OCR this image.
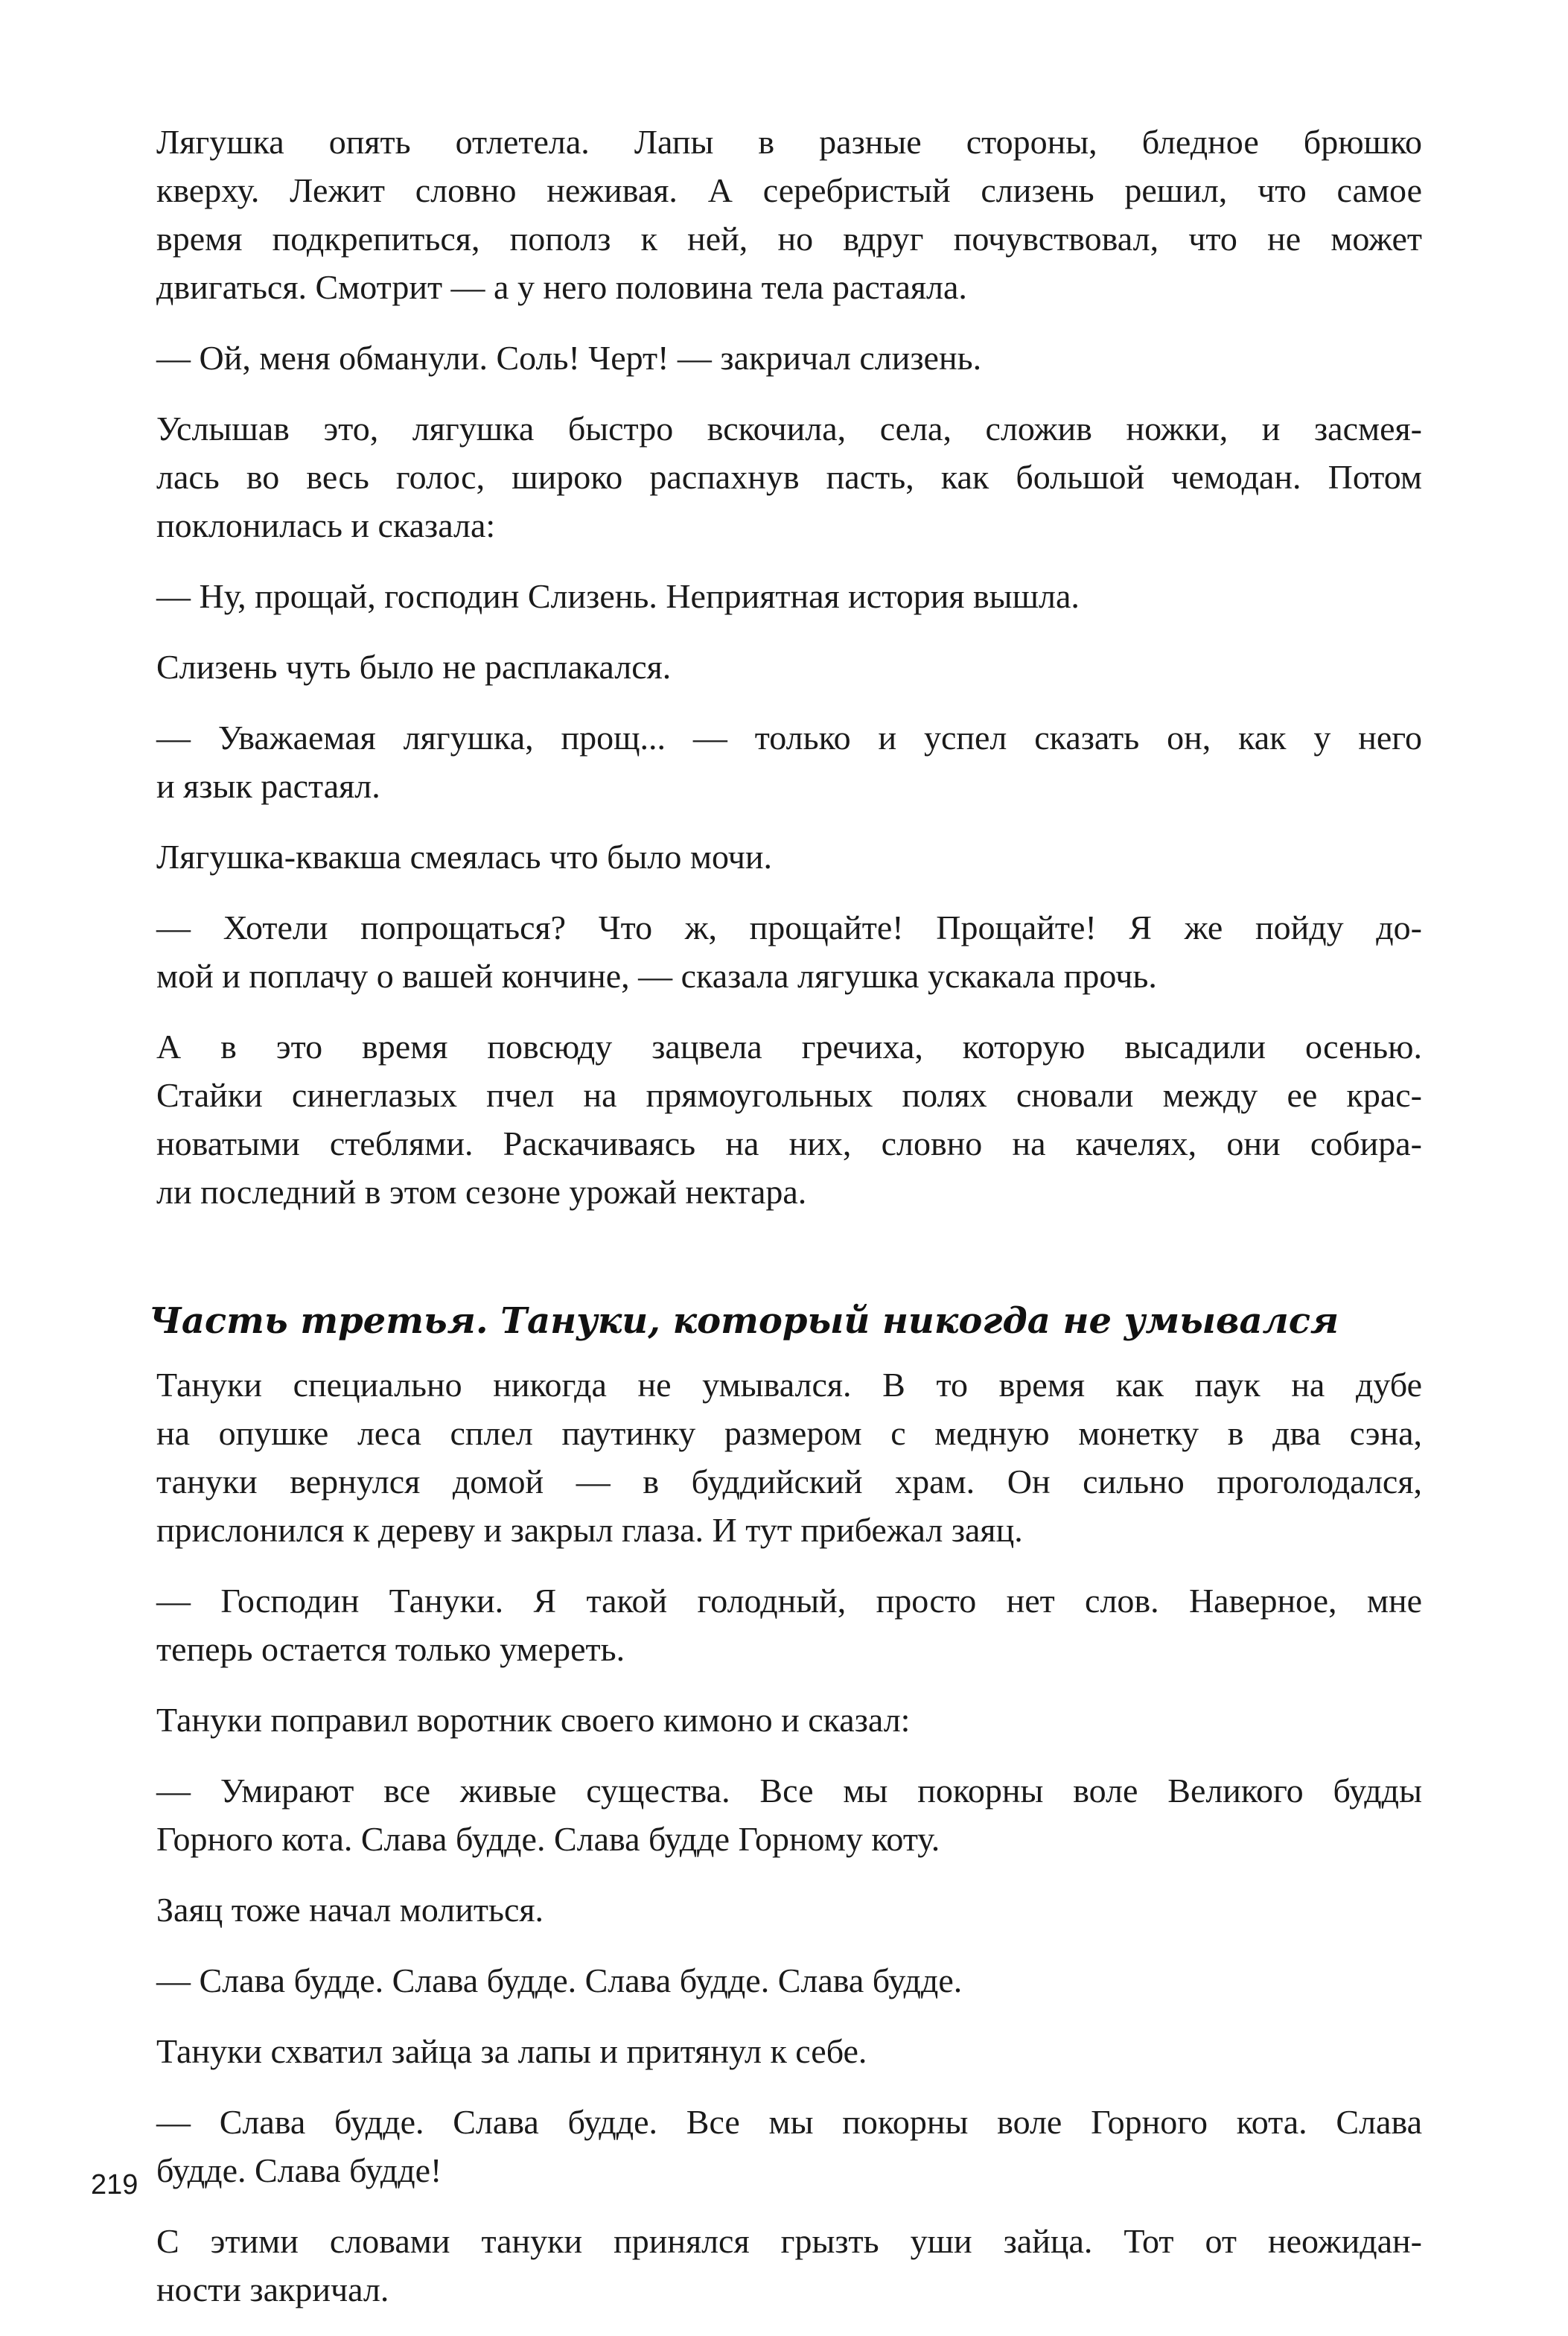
Лягушка опять отлетела. Лапы в разные стороны, бледное брюшко
кверху. Лежит словно неживая. А серебристый слизень решил, что самое
время подкрепиться, пополз к ней, но вдруг почувствовал, что не может
двигаться. Смотрит — а у него половина тела растаяла.

— Ой, меня обманули. Соль! Черт! — закричал слизень.

Услышав это, лягушка быстро вскочила, села, сложив ножки, и засмея-
лась во весь голос, широко распахнув пасть, как большой чемодан. Потом
поклонилась и сказала:

— Ну, прощай, господин Слизень. Неприятная история вышла.

Слизень чуть было не расплакался.

— Уважаемая лягушка, прощ... — только и успел сказать он, как у него
и язык растаял.

Лягушка-квакша смеялась что было мочи.

— Хотели попрощаться? Что ж, прощайте! Прощайте! Я же пойду до-
мой и поплачу о вашей кончине, — сказала лягушка ускакала прочь.

А в это время повсюду зацвела гречиха, которую высадили осенью.
Стайки синеглазых пчел на прямоугольных полях сновали между ее крас-
новатыми стеблями. Раскачиваясь на них, словно на качелях, они собира-
ли последний в этом сезоне урожай нектара.

Часть третья. Тануки, который никогда не умывался

Тануки специально никогда не умывался. В то время как паук на дубе
на опушке леса сплел паутинку размером с медную монетку в два сэна,
тануки вернулся домой — в буддийский храм. Он сильно проголодался,
прислонился к дереву и закрыл глаза. И тут прибежал заяц.

— Господин Тануки. Я такой голодный, просто нет слов. Наверное, мне
теперь остается только умереть.

Тануки поправил воротник своего кимоно и сказал:

— Умирают все живые существа. Все мы покорны воле Великого будды
Горного кота. Слава будде. Слава будде Горному коту.

Заяц тоже начал молиться.

— Слава будде. Слава будде. Слава будде. Слава будде.

Тануки схватил зайца за лапы и притянул к себе.

— Слава будде. Слава будде. Все мы покорны воле Горного кота. Слава
будде. Слава будде!

С этими словами тануки принялся грызть уши зайца. Тот от неожидан-
ности закричал.

219
